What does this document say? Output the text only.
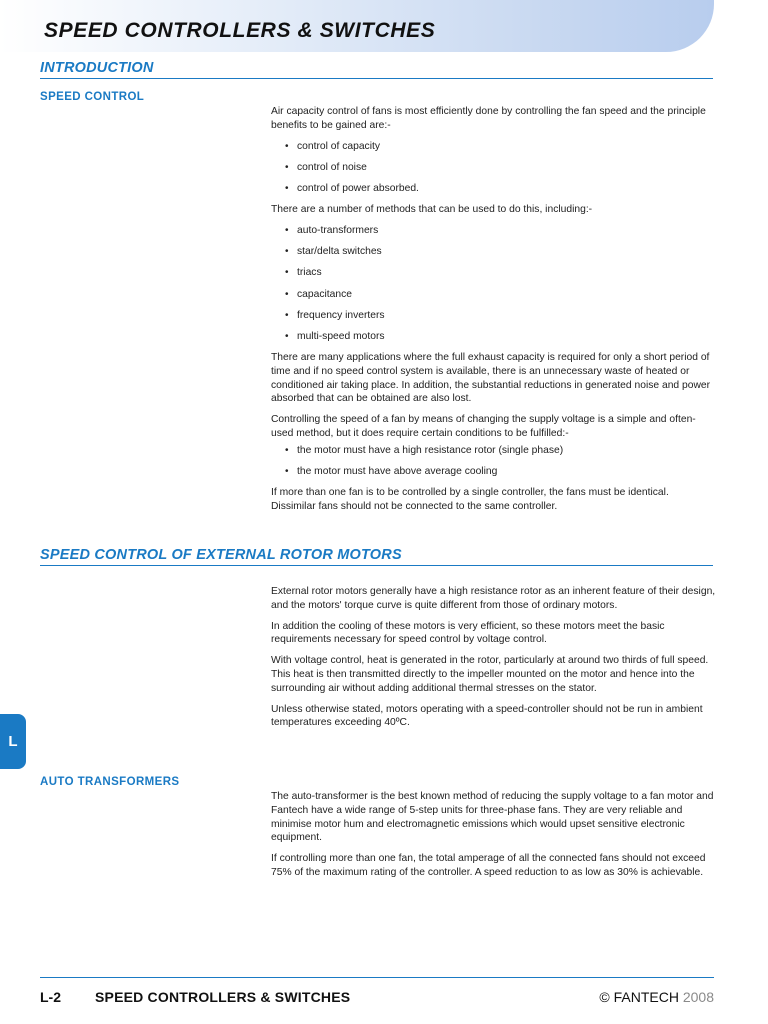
SPEED CONTROLLERS & SWITCHES
INTRODUCTION
SPEED CONTROL

Air capacity control of fans is most efficiently done by controlling the fan speed and the principle benefits to be gained are:-

• control of capacity
• control of noise
• control of power absorbed.

There are a number of methods that can be used to do this, including:-

• auto-transformers
• star/delta switches
• triacs
• capacitance
• frequency inverters
• multi-speed motors

There are many applications where the full exhaust capacity is required for only a short period of time and if no speed control system is available, there is an unnecessary waste of heated or conditioned air taking place. In addition, the substantial reductions in generated noise and power absorbed that can be obtained are also lost.

Controlling the speed of a fan by means of changing the supply voltage is a simple and often-used method, but it does require certain conditions to be fulfilled:-

• the motor must have a high resistance rotor (single phase)
• the motor must have above average cooling

If more than one fan is to be controlled by a single controller, the fans must be identical. Dissimilar fans should not be connected to the same controller.

SPEED CONTROL OF EXTERNAL ROTOR MOTORS

External rotor motors generally have a high resistance rotor as an inherent feature of their design, and the motors' torque curve is quite different from those of ordinary motors.

In addition the cooling of these motors is very efficient, so these motors meet the basic requirements necessary for speed control by voltage control.

With voltage control, heat is generated in the rotor, particularly at around two thirds of full speed. This heat is then transmitted directly to the impeller mounted on the motor and hence into the surrounding air without adding additional thermal stresses on the stator.

Unless otherwise stated, motors operating with a speed-controller should not be run in ambient temperatures exceeding 40ºC.

L
AUTO TRANSFORMERS

The auto-transformer is the best known method of reducing the supply voltage to a fan motor and Fantech have a wide range of 5-step units for three-phase fans. They are very reliable and minimise motor hum and electromagnetic emissions which would upset sensitive electronic equipment.

If controlling more than one fan, the total amperage of all the connected fans should not exceed 75% of the maximum rating of the controller. A speed reduction to as low as 30% is achievable.

L-2 SPEED CONTROLLERS & SWITCHES	© FANTECH 2008
